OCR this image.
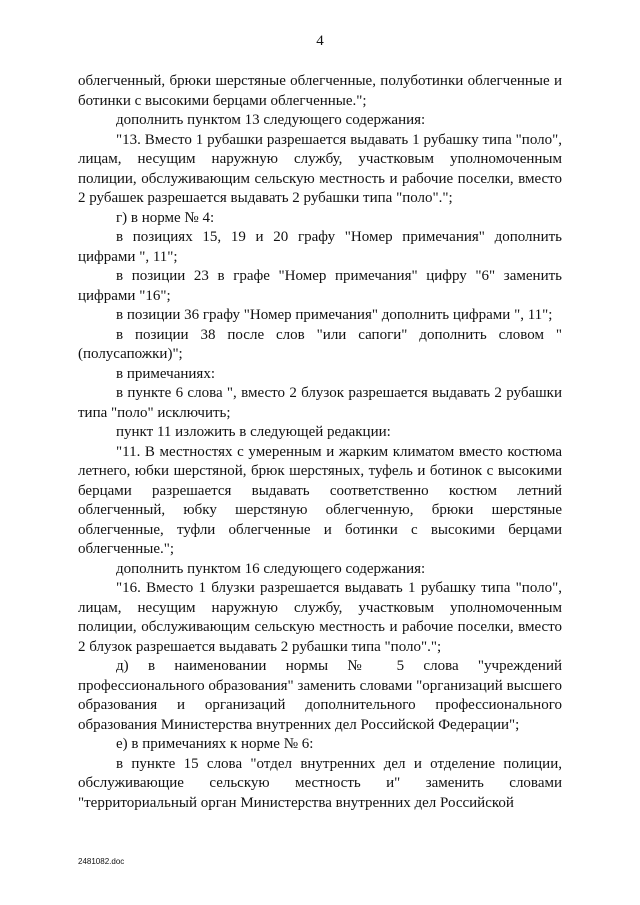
4

облегченный, брюки шерстяные облегченные, полуботинки облегченные и ботинки с высокими берцами облегченные.";

дополнить пунктом 13 следующего содержания:

"13. Вместо 1 рубашки разрешается выдавать 1 рубашку типа "поло", лицам, несущим наружную службу, участковым уполномоченным полиции, обслуживающим сельскую местность и рабочие поселки, вместо 2 рубашек разрешается выдавать 2 рубашки типа "поло".";

г) в норме № 4:

в позициях 15, 19 и 20 графу "Номер примечания" дополнить цифрами ", 11";

в позиции 23 в графе "Номер примечания" цифру "6" заменить цифрами "16";

в позиции 36 графу "Номер примечания" дополнить цифрами ", 11";

в позиции 38 после слов "или сапоги" дополнить словом "(полусапожки)";

в примечаниях:

в пункте 6 слова ", вместо 2 блузок разрешается выдавать 2 рубашки типа "поло" исключить;

пункт 11 изложить в следующей редакции:

"11. В местностях с умеренным и жарким климатом вместо костюма летнего, юбки шерстяной, брюк шерстяных, туфель и ботинок с высокими берцами разрешается выдавать соответственно костюм летний облегченный, юбку шерстяную облегченную, брюки шерстяные облегченные, туфли облегченные и ботинки с высокими берцами облегченные.";

дополнить пунктом 16 следующего содержания:

"16. Вместо 1 блузки разрешается выдавать 1 рубашку типа "поло", лицам, несущим наружную службу, участковым уполномоченным полиции, обслуживающим сельскую местность и рабочие поселки, вместо 2 блузок разрешается выдавать 2 рубашки типа "поло".";

д) в наименовании нормы № 5 слова "учреждений профессионального образования" заменить словами "организаций высшего образования и организаций дополнительного профессионального образования Министерства внутренних дел Российской Федерации";

е) в примечаниях к норме № 6:

в пункте 15 слова "отдел внутренних дел и отделение полиции, обслуживающие сельскую местность и" заменить словами "территориальный орган Министерства внутренних дел Российской

2481082.doc
